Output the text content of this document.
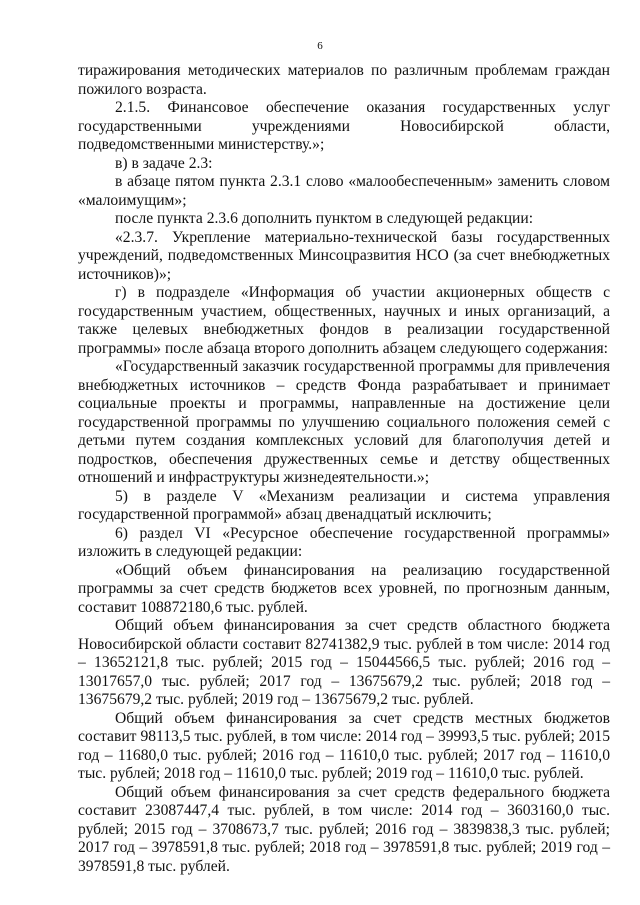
6

тиражирования методических материалов по различным проблемам граждан пожилого возраста.

2.1.5. Финансовое обеспечение оказания государственных услуг государственными учреждениями Новосибирской области, подведомственными министерству.»;

в) в задаче 2.3:

в абзаце пятом пункта 2.3.1 слово «малообеспеченным» заменить словом «малоимущим»;

после пункта 2.3.6 дополнить пунктом в следующей редакции:

«2.3.7. Укрепление материально-технической базы государственных учреждений, подведомственных Минсоцразвития НСО (за счет внебюджетных источников)»;

г) в подразделе «Информация об участии акционерных обществ с государственным участием, общественных, научных и иных организаций, а также целевых внебюджетных фондов в реализации государственной программы» после абзаца второго дополнить абзацем следующего содержания:

«Государственный заказчик государственной программы для привлечения внебюджетных источников – средств Фонда разрабатывает и принимает социальные проекты и программы, направленные на достижение цели государственной программы по улучшению социального положения семей с детьми путем создания комплексных условий для благополучия детей и подростков, обеспечения дружественных семье и детству общественных отношений и инфраструктуры жизнедеятельности.»;

5) в разделе V «Механизм реализации и система управления государственной программой» абзац двенадцатый исключить;

6) раздел VI «Ресурсное обеспечение государственной программы» изложить в следующей редакции:

«Общий объем финансирования на реализацию государственной программы за счет средств бюджетов всех уровней, по прогнозным данным, составит 108872180,6 тыс. рублей.

Общий объем финансирования за счет средств областного бюджета Новосибирской области составит 82741382,9 тыс. рублей в том числе: 2014 год – 13652121,8 тыс. рублей; 2015 год – 15044566,5 тыс. рублей; 2016 год – 13017657,0 тыс. рублей; 2017 год – 13675679,2 тыс. рублей; 2018 год – 13675679,2 тыс. рублей; 2019 год – 13675679,2 тыс. рублей.

Общий объем финансирования за счет средств местных бюджетов составит 98113,5 тыс. рублей, в том числе: 2014 год – 39993,5 тыс. рублей; 2015 год – 11680,0 тыс. рублей; 2016 год – 11610,0 тыс. рублей; 2017 год – 11610,0 тыс. рублей; 2018 год – 11610,0 тыс. рублей; 2019 год – 11610,0 тыс. рублей.

Общий объем финансирования за счет средств федерального бюджета составит 23087447,4 тыс. рублей, в том числе: 2014 год – 3603160,0 тыс. рублей; 2015 год – 3708673,7 тыс. рублей; 2016 год – 3839838,3 тыс. рублей; 2017 год – 3978591,8 тыс. рублей; 2018 год – 3978591,8 тыс. рублей; 2019 год – 3978591,8 тыс. рублей.
